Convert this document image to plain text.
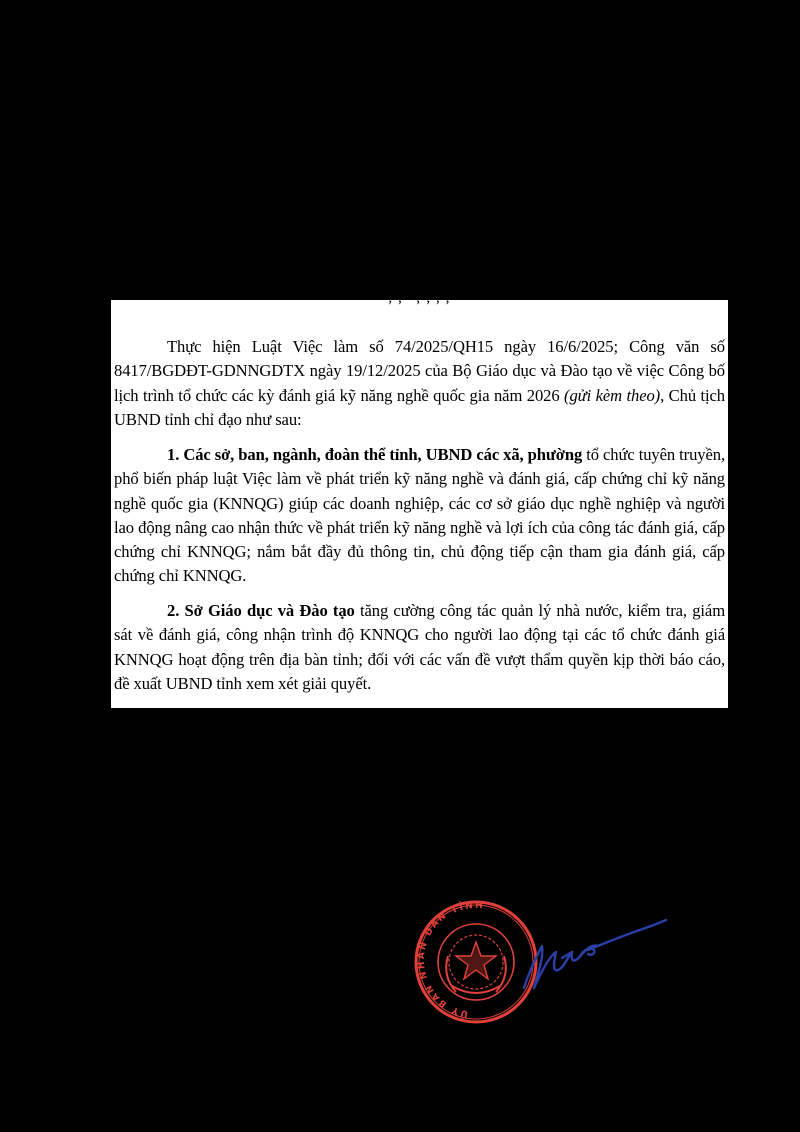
, ; ' ; ; , ;

Thực hiện Luật Việc làm số 74/2025/QH15 ngày 16/6/2025; Công văn số 8417/BGDĐT-GDNNGDTX ngày 19/12/2025 của Bộ Giáo dục và Đào tạo về việc Công bố lịch trình tổ chức các kỳ đánh giá kỹ năng nghề quốc gia năm 2026 (gửi kèm theo), Chủ tịch UBND tỉnh chỉ đạo như sau:

1. Các sở, ban, ngành, đoàn thể tỉnh, UBND các xã, phường tổ chức tuyên truyền, phổ biến pháp luật Việc làm về phát triển kỹ năng nghề và đánh giá, cấp chứng chỉ kỹ năng nghề quốc gia (KNNQG) giúp các doanh nghiệp, các cơ sở giáo dục nghề nghiệp và người lao động nâng cao nhận thức về phát triển kỹ năng nghề và lợi ích của công tác đánh giá, cấp chứng chỉ KNNQG; nắm bắt đầy đủ thông tin, chủ động tiếp cận tham gia đánh giá, cấp chứng chỉ KNNQG.

2. Sở Giáo dục và Đào tạo tăng cường công tác quản lý nhà nước, kiểm tra, giám sát về đánh giá, công nhận trình độ KNNQG cho người lao động tại các tổ chức đánh giá KNNQG hoạt động trên địa bàn tỉnh; đối với các vấn đề vượt thẩm quyền kịp thời báo cáo, đề xuất UBND tỉnh xem xét giải quyết.

ỦY BAN NHÂN DÂN TỈNH
